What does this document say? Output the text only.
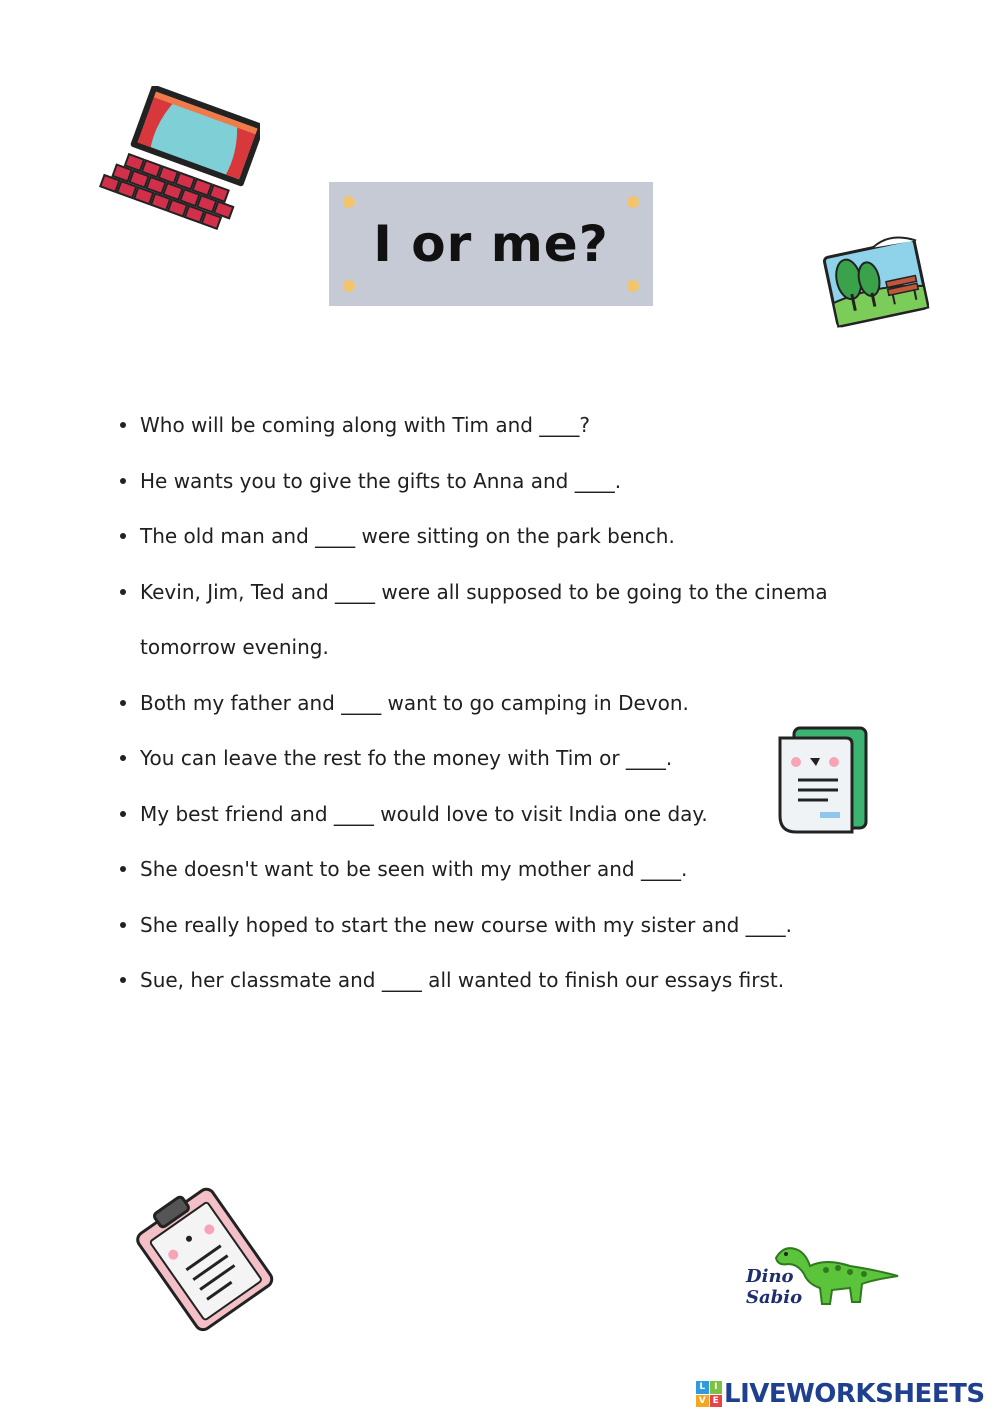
I or me?
Who will be coming along with Tim and ____?
He wants you to give the gifts to Anna and ____.
The old man and ____ were sitting on the park bench.
Kevin, Jim, Ted and ____ were all supposed to be going to the cinema tomorrow evening.
Both my father and ____ want to go camping in Devon.
You can leave the rest fo the money with Tim or ____.
My best friend and ____ would love to visit India one day.
She doesn't want to be seen with my mother and ____.
She really hoped to start the new course with my sister and ____.
Sue, her classmate and ____ all wanted to finish our essays first.
Dino
Sabio
L I
V E LIVEWORKSHEETS
